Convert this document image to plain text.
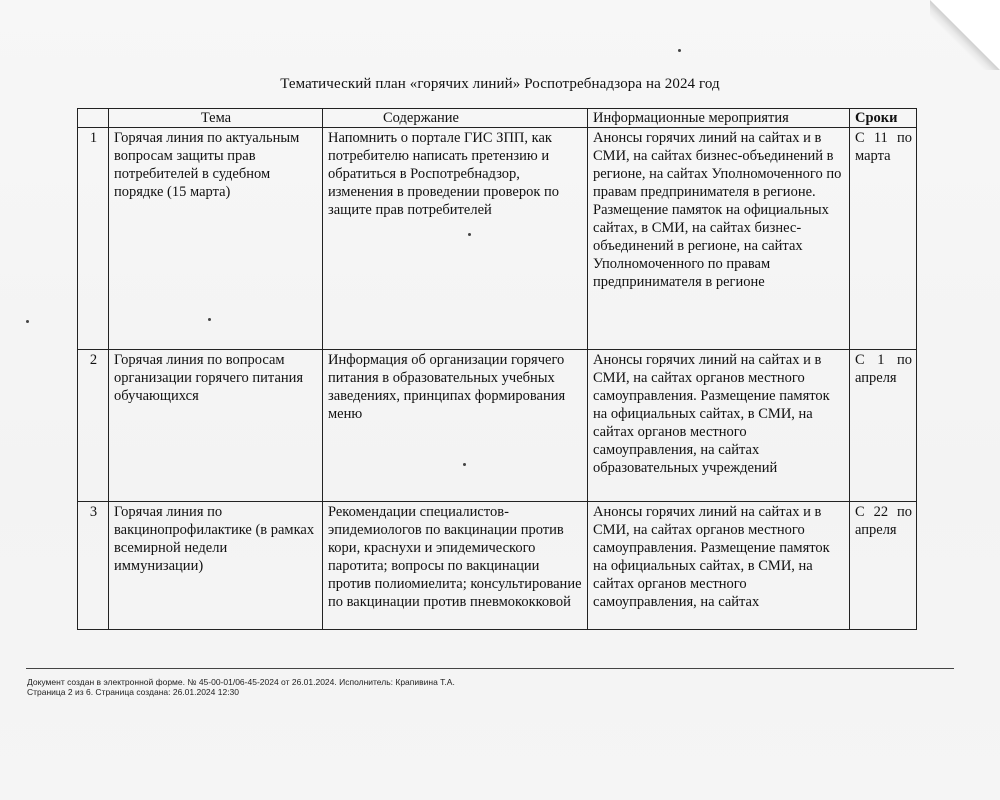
Тематический план «горячих линий» Роспотребнадзора на 2024 год
	Тема	Содержание	Информационные мероприятия	Сроки
1	Горячая линия по актуальным вопросам защиты прав потребителей в судебном порядке (15 марта)	Напомнить о портале ГИС ЗПП, как потребителю написать претензию и обратиться в Роспотребнадзор, изменения в проведении проверок по защите прав потребителей	Анонсы горячих линий на сайтах и в СМИ, на сайтах бизнес-объединений в регионе, на сайтах Уполномоченного по правам предпринимателя в регионе. Размещение памяток на официальных сайтах, в СМИ, на сайтах бизнес-объединений в регионе, на сайтах Уполномоченного по правам предпринимателя в регионе	С 11 по марта
2	Горячая линия по вопросам организации горячего питания обучающихся	Информация об организации горячего питания в образовательных учебных заведениях, принципах формирования меню	Анонсы горячих линий на сайтах и в СМИ, на сайтах органов местного самоуправления. Размещение памяток на официальных сайтах, в СМИ, на сайтах органов местного самоуправления, на сайтах образовательных учреждений	С 1 по апреля
3	Горячая линия по вакцинопрофилактике (в рамках всемирной недели иммунизации)	Рекомендации специалистов-эпидемиологов по вакцинации против кори, краснухи и эпидемического паротита; вопросы по вакцинации против полиомиелита; консультирование по вакцинации против пневмококковой	Анонсы горячих линий на сайтах и в СМИ, на сайтах органов местного самоуправления. Размещение памяток на официальных сайтах, в СМИ, на сайтах органов местного самоуправления, на сайтах	С 22 по апреля
Документ создан в электронной форме. № 45-00-01/06-45-2024 от 26.01.2024. Исполнитель: Крапивина Т.А.
Страница 2 из 6. Страница создана: 26.01.2024 12:30
